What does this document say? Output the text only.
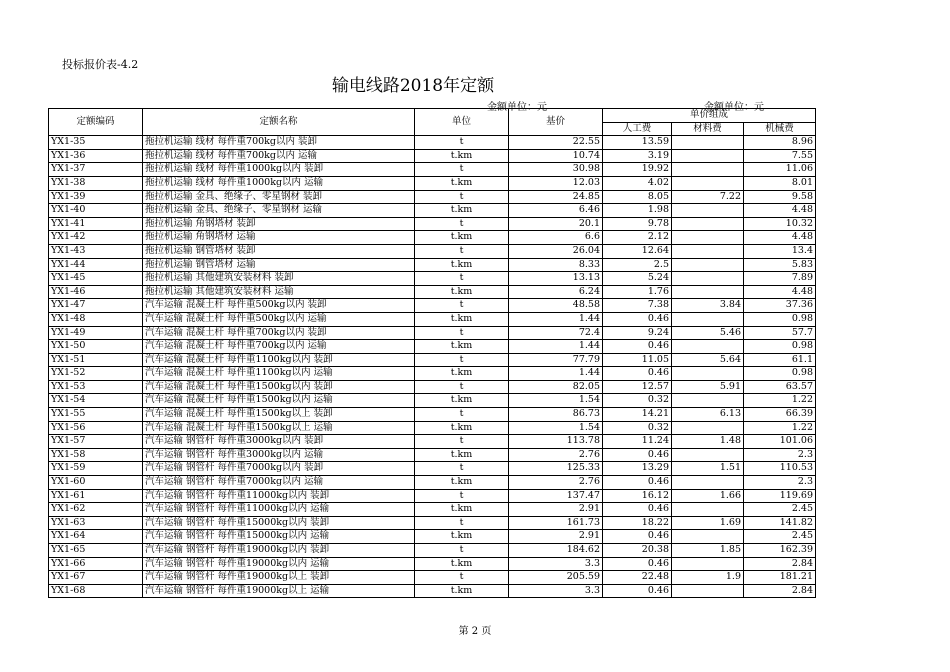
投标报价表-4.2
输电线路2018年定额
金额单位：元	金额单位：元
定额编码	定额名称	单位	基价	单价组成		
				人工费	材料费	机械费
YX1-35	拖拉机运输 线材 每件重700kg以内 装卸	t	22.55	13.59		8.96
YX1-36	拖拉机运输 线材 每件重700kg以内 运输	t.km	10.74	3.19		7.55
YX1-37	拖拉机运输 线材 每件重1000kg以内 装卸	t	30.98	19.92		11.06
YX1-38	拖拉机运输 线材 每件重1000kg以内 运输	t.km	12.03	4.02		8.01
YX1-39	拖拉机运输 金具、绝缘子、零星钢材 装卸	t	24.85	8.05	7.22	9.58
YX1-40	拖拉机运输 金具、绝缘子、零星钢材 运输	t.km	6.46	1.98		4.48
YX1-41	拖拉机运输 角钢塔材 装卸	t	20.1	9.78		10.32
YX1-42	拖拉机运输 角钢塔材 运输	t.km	6.6	2.12		4.48
YX1-43	拖拉机运输 钢管塔材 装卸	t	26.04	12.64		13.4
YX1-44	拖拉机运输 钢管塔材 运输	t.km	8.33	2.5		5.83
YX1-45	拖拉机运输 其他建筑安装材料 装卸	t	13.13	5.24		7.89
YX1-46	拖拉机运输 其他建筑安装材料 运输	t.km	6.24	1.76		4.48
YX1-47	汽车运输 混凝土杆 每件重500kg以内 装卸	t	48.58	7.38	3.84	37.36
YX1-48	汽车运输 混凝土杆 每件重500kg以内 运输	t.km	1.44	0.46		0.98
YX1-49	汽车运输 混凝土杆 每件重700kg以内 装卸	t	72.4	9.24	5.46	57.7
YX1-50	汽车运输 混凝土杆 每件重700kg以内 运输	t.km	1.44	0.46		0.98
YX1-51	汽车运输 混凝土杆 每件重1100kg以内 装卸	t	77.79	11.05	5.64	61.1
YX1-52	汽车运输 混凝土杆 每件重1100kg以内 运输	t.km	1.44	0.46		0.98
YX1-53	汽车运输 混凝土杆 每件重1500kg以内 装卸	t	82.05	12.57	5.91	63.57
YX1-54	汽车运输 混凝土杆 每件重1500kg以内 运输	t.km	1.54	0.32		1.22
YX1-55	汽车运输 混凝土杆 每件重1500kg以上 装卸	t	86.73	14.21	6.13	66.39
YX1-56	汽车运输 混凝土杆 每件重1500kg以上 运输	t.km	1.54	0.32		1.22
YX1-57	汽车运输 钢管杆 每件重3000kg以内 装卸	t	113.78	11.24	1.48	101.06
YX1-58	汽车运输 钢管杆 每件重3000kg以内 运输	t.km	2.76	0.46		2.3
YX1-59	汽车运输 钢管杆 每件重7000kg以内 装卸	t	125.33	13.29	1.51	110.53
YX1-60	汽车运输 钢管杆 每件重7000kg以内 运输	t.km	2.76	0.46		2.3
YX1-61	汽车运输 钢管杆 每件重11000kg以内 装卸	t	137.47	16.12	1.66	119.69
YX1-62	汽车运输 钢管杆 每件重11000kg以内 运输	t.km	2.91	0.46		2.45
YX1-63	汽车运输 钢管杆 每件重15000kg以内 装卸	t	161.73	18.22	1.69	141.82
YX1-64	汽车运输 钢管杆 每件重15000kg以内 运输	t.km	2.91	0.46		2.45
YX1-65	汽车运输 钢管杆 每件重19000kg以内 装卸	t	184.62	20.38	1.85	162.39
YX1-66	汽车运输 钢管杆 每件重19000kg以内 运输	t.km	3.3	0.46		2.84
YX1-67	汽车运输 钢管杆 每件重19000kg以上 装卸	t	205.59	22.48	1.9	181.21
YX1-68	汽车运输 钢管杆 每件重19000kg以上 运输	t.km	3.3	0.46		2.84
第 2 页
